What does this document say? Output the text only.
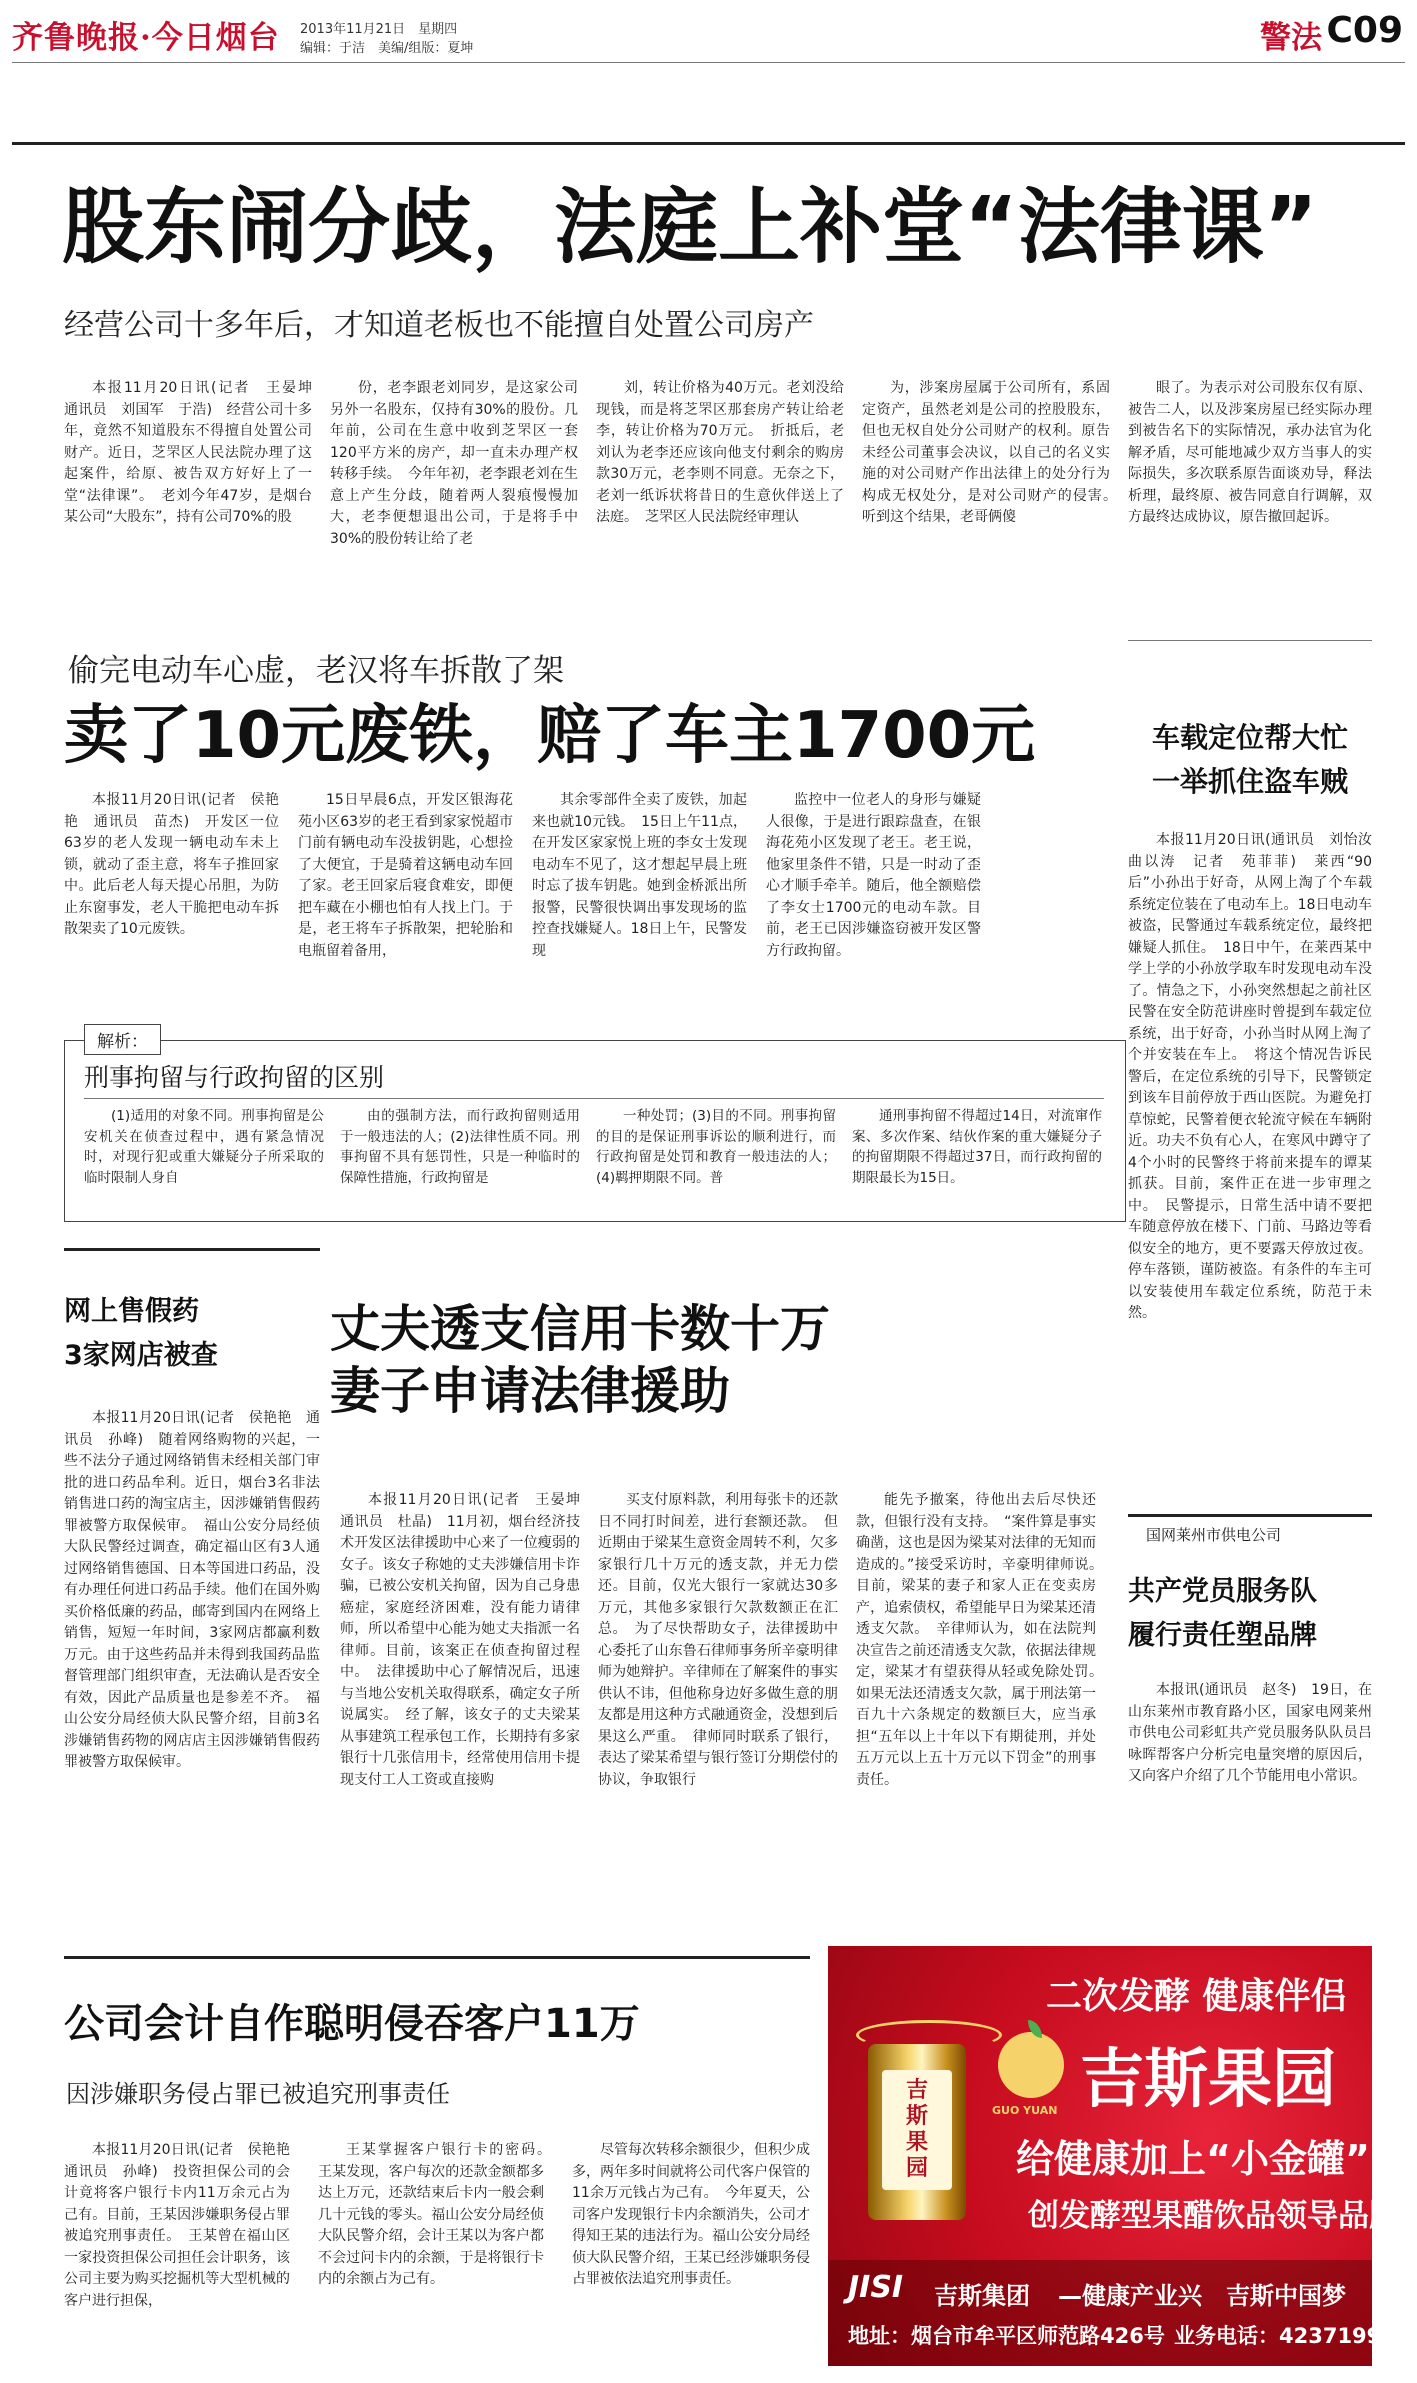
齐鲁晚报·今日烟台 2013年11月21日　星期四
编辑：于洁　美编/组版：夏坤	警法 C09
股东闹分歧，法庭上补堂“法律课”
经营公司十多年后，才知道老板也不能擅自处置公司房产

本报11月20日讯(记者　王晏坤　通讯员　刘国军　于浩)　经营公司十多年，竟然不知道股东不得擅自处置公司财产。近日，芝罘区人民法院办理了这起案件，给原、被告双方好好上了一堂“法律课”。　老刘今年47岁，是烟台某公司“大股东”，持有公司70%的股

份，老李跟老刘同岁，是这家公司另外一名股东，仅持有30%的股份。几年前，公司在生意中收到芝罘区一套120平方米的房产，却一直未办理产权转移手续。　今年年初，老李跟老刘在生意上产生分歧，随着两人裂痕慢慢加大，老李便想退出公司，于是将手中30%的股份转让给了老

刘，转让价格为40万元。老刘没给现钱，而是将芝罘区那套房产转让给老李，转让价格为70万元。　折抵后，老刘认为老李还应该向他支付剩余的购房款30万元，老李则不同意。无奈之下，老刘一纸诉状将昔日的生意伙伴送上了法庭。　芝罘区人民法院经审理认

为，涉案房屋属于公司所有，系固定资产，虽然老刘是公司的控股股东，但也无权自处分公司财产的权利。原告未经公司董事会决议，以自己的名义实施的对公司财产作出法律上的处分行为构成无权处分，是对公司财产的侵害。　听到这个结果，老哥俩傻

眼了。为表示对公司股东仅有原、被告二人，以及涉案房屋已经实际办理到被告名下的实际情况，承办法官为化解矛盾，尽可能地减少双方当事人的实际损失，多次联系原告面谈劝导，释法析理，最终原、被告同意自行调解，双方最终达成协议，原告撤回起诉。

偷完电动车心虚，老汉将车拆散了架
卖了10元废铁，赔了车主1700元

本报11月20日讯(记者　侯艳艳　通讯员　苗杰)　开发区一位63岁的老人发现一辆电动车未上锁，就动了歪主意，将车子推回家中。此后老人每天提心吊胆，为防止东窗事发，老人干脆把电动车拆散架卖了10元废铁。

15日早晨6点，开发区银海花苑小区63岁的老王看到家家悦超市门前有辆电动车没拔钥匙，心想捡了大便宜，于是骑着这辆电动车回了家。老王回家后寝食难安，即便把车藏在小棚也怕有人找上门。于是，老王将车子拆散架，把轮胎和电瓶留着备用，

其余零部件全卖了废铁，加起来也就10元钱。　15日上午11点，在开发区家家悦上班的李女士发现电动车不见了，这才想起早晨上班时忘了拔车钥匙。她到金桥派出所报警，民警很快调出事发现场的监控查找嫌疑人。18日上午，民警发现

监控中一位老人的身形与嫌疑人很像，于是进行跟踪盘查，在银海花苑小区发现了老王。老王说，他家里条件不错，只是一时动了歪心才顺手牵羊。随后，他全额赔偿了李女士1700元的电动车款。目前，老王已因涉嫌盗窃被开发区警方行政拘留。

解析：
刑事拘留与行政拘留的区别

(1)适用的对象不同。刑事拘留是公安机关在侦查过程中，遇有紧急情况时，对现行犯或重大嫌疑分子所采取的临时限制人身自

由的强制方法，而行政拘留则适用于一般违法的人；(2)法律性质不同。刑事拘留不具有惩罚性，只是一种临时的保障性措施，行政拘留是

一种处罚；(3)目的不同。刑事拘留的目的是保证刑事诉讼的顺利进行，而行政拘留是处罚和教育一般违法的人；(4)羁押期限不同。普

通刑事拘留不得超过14日，对流窜作案、多次作案、结伙作案的重大嫌疑分子的拘留期限不得超过37日，而行政拘留的期限最长为15日。

车载定位帮大忙
一举抓住盗车贼

本报11月20日讯(通讯员　刘怡汝　曲以涛　记者　苑菲菲)　莱西“90后”小孙出于好奇，从网上淘了个车载系统定位装在了电动车上。18日电动车被盗，民警通过车载系统定位，最终把嫌疑人抓住。　18日中午，在莱西某中学上学的小孙放学取车时发现电动车没了。情急之下，小孙突然想起之前社区民警在安全防范讲座时曾提到车载定位系统，出于好奇，小孙当时从网上淘了个并安装在车上。　将这个情况告诉民警后，在定位系统的引导下，民警锁定到该车目前停放于西山医院。为避免打草惊蛇，民警着便衣轮流守候在车辆附近。功夫不负有心人，在寒风中蹲守了4个小时的民警终于将前来提车的谭某抓获。目前，案件正在进一步审理之中。　民警提示，日常生活中请不要把车随意停放在楼下、门前、马路边等看似安全的地方，更不要露天停放过夜。停车落锁，谨防被盗。有条件的车主可以安装使用车载定位系统，防范于未然。

网上售假药
3家网店被查

本报11月20日讯(记者　侯艳艳　通讯员　孙峰)　随着网络购物的兴起，一些不法分子通过网络销售未经相关部门审批的进口药品牟利。近日，烟台3名非法销售进口药的淘宝店主，因涉嫌销售假药罪被警方取保候审。　福山公安分局经侦大队民警经过调查，确定福山区有3人通过网络销售德国、日本等国进口药品，没有办理任何进口药品手续。他们在国外购买价格低廉的药品，邮寄到国内在网络上销售，短短一年时间，3家网店都赢利数万元。由于这些药品并未得到我国药品监督管理部门组织审查，无法确认是否安全有效，因此产品质量也是参差不齐。　福山公安分局经侦大队民警介绍，目前3名涉嫌销售药物的网店店主因涉嫌销售假药罪被警方取保候审。

丈夫透支信用卡数十万
妻子申请法律援助

本报11月20日讯(记者　王晏坤　通讯员　杜晶)　11月初，烟台经济技术开发区法律援助中心来了一位瘦弱的女子。该女子称她的丈夫涉嫌信用卡诈骗，已被公安机关拘留，因为自己身患癌症，家庭经济困难，没有能力请律师，所以希望中心能为她丈夫指派一名律师。目前，该案正在侦查拘留过程中。　法律援助中心了解情况后，迅速与当地公安机关取得联系，确定女子所说属实。　经了解，该女子的丈夫梁某从事建筑工程承包工作，长期持有多家银行十几张信用卡，经常使用信用卡提现支付工人工资或直接购

买支付原料款，利用每张卡的还款日不同打时间差，进行套额还款。　但近期由于梁某生意资金周转不利，欠多家银行几十万元的透支款，并无力偿还。目前，仅光大银行一家就达30多万元，其他多家银行欠款数额正在汇总。　为了尽快帮助女子，法律援助中心委托了山东鲁石律师事务所辛豪明律师为她辩护。辛律师在了解案件的事实供认不讳，但他称身边好多做生意的朋友都是用这种方式融通资金，没想到后果这么严重。　律师同时联系了银行，表达了梁某希望与银行签订分期偿付的协议，争取银行

能先予撤案，待他出去后尽快还款，但银行没有支持。　“案件算是事实确凿，这也是因为梁某对法律的无知而造成的。”接受采访时，辛豪明律师说。　目前，梁某的妻子和家人正在变卖房产，追索债权，希望能早日为梁某还清透支欠款。　辛律师认为，如在法院判决宣告之前还清透支欠款，依据法律规定，梁某才有望获得从轻或免除处罚。　如果无法还清透支欠款，属于刑法第一百九十六条规定的数额巨大，应当承担“五年以上十年以下有期徒刑，并处五万元以上五十万元以下罚金”的刑事责任。

国网莱州市供电公司
共产党员服务队
履行责任塑品牌

本报讯(通讯员　赵冬)　19日，在山东莱州市教育路小区，国家电网莱州市供电公司彩虹共产党员服务队队员吕咏晖帮客户分析完电量突增的原因后，又向客户介绍了几个节能用电小常识。

公司会计自作聪明侵吞客户11万
因涉嫌职务侵占罪已被追究刑事责任

本报11月20日讯(记者　侯艳艳　通讯员　孙峰)　投资担保公司的会计竟将客户银行卡内11万余元占为己有。目前，王某因涉嫌职务侵占罪被追究刑事责任。　王某曾在福山区一家投资担保公司担任会计职务，该公司主要为购买挖掘机等大型机械的客户进行担保，

王某掌握客户银行卡的密码。　王某发现，客户每次的还款金额都多达上万元，还款结束后卡内一般会剩几十元钱的零头。福山公安分局经侦大队民警介绍，会计王某以为客户都不会过问卡内的余额，于是将银行卡内的余额占为己有。

尽管每次转移余额很少，但积少成多，两年多时间就将公司代客户保管的11余万元钱占为己有。　今年夏天，公司客户发现银行卡内余额消失，公司才得知王某的违法行为。福山公安分局经侦大队民警介绍，王某已经涉嫌职务侵占罪被依法追究刑事责任。

吉斯果园
二次发酵 健康伴侣
GUO YUAN 吉斯果园
给健康加上“小金罐”
创发酵型果醋饮品领导品牌
JISI 吉斯集团 —健康产业兴　吉斯中国梦
地址：烟台市牟平区师范路426号 业务电话：4237199
